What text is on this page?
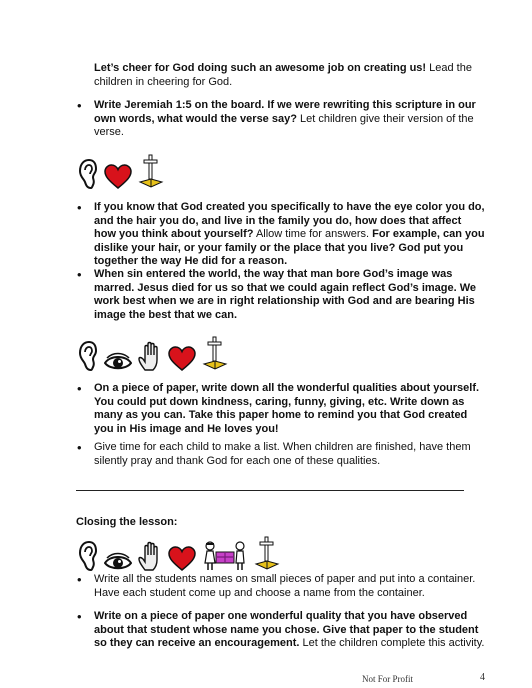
Let’s cheer for God doing such an awesome job on creating us! Lead the children in cheering for God.
• Write Jeremiah 1:5 on the board. If we were rewriting this scripture in our own words, what would the verse say? Let children give their version of the verse.
• If you know that God created you specifically to have the eye color you do, and the hair you do, and live in the family you do, how does that affect how you think about yourself? Allow time for answers. For example, can you dislike your hair, or your family or the place that you live? God put you together the way He did for a reason.
• When sin entered the world, the way that man bore God’s image was marred. Jesus died for us so that we could again reflect God’s image. We work best when we are in right relationship with God and are bearing His image the best that we can.
• On a piece of paper, write down all the wonderful qualities about yourself. You could put down kindness, caring, funny, giving, etc. Write down as many as you can. Take this paper home to remind you that God created you in His image and He loves you!
• Give time for each child to make a list. When children are finished, have them silently pray and thank God for each one of these qualities.
Closing the lesson:
• Write all the students names on small pieces of paper and put into a container. Have each student come up and choose a name from the container.
• Write on a piece of paper one wonderful quality that you have observed about that student whose name you chose. Give that paper to the student so they can receive an encouragement. Let the children complete this activity.
Not For Profit	4
